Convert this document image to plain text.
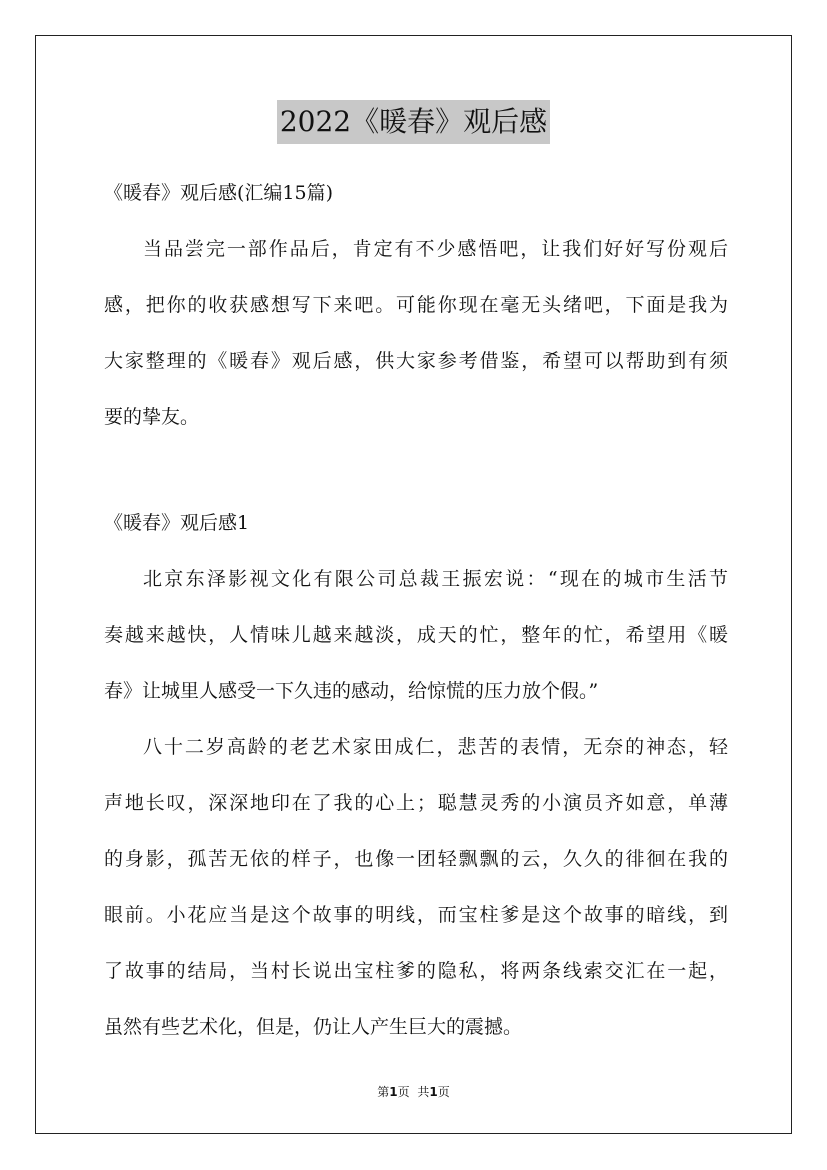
2022《暖春》观后感
《暖春》观后感(汇编15篇)
当品尝完一部作品后，肯定有不少感悟吧，让我们好好写份观后
感，把你的收获感想写下来吧。可能你现在毫无头绪吧，下面是我为
大家整理的《暖春》观后感，供大家参考借鉴，希望可以帮助到有须
要的挚友。
《暖春》观后感1
北京东泽影视文化有限公司总裁王振宏说：“现在的城市生活节
奏越来越快，人情味儿越来越淡，成天的忙，整年的忙，希望用《暖
春》让城里人感受一下久违的感动，给惊慌的压力放个假。”
八十二岁高龄的老艺术家田成仁，悲苦的表情，无奈的神态，轻
声地长叹，深深地印在了我的心上；聪慧灵秀的小演员齐如意，单薄
的身影，孤苦无依的样子，也像一团轻飘飘的云，久久的徘徊在我的
眼前。小花应当是这个故事的明线，而宝柱爹是这个故事的暗线，到
了故事的结局，当村长说出宝柱爹的隐私，将两条线索交汇在一起，
虽然有些艺术化，但是，仍让人产生巨大的震撼。
第1页 共1页
